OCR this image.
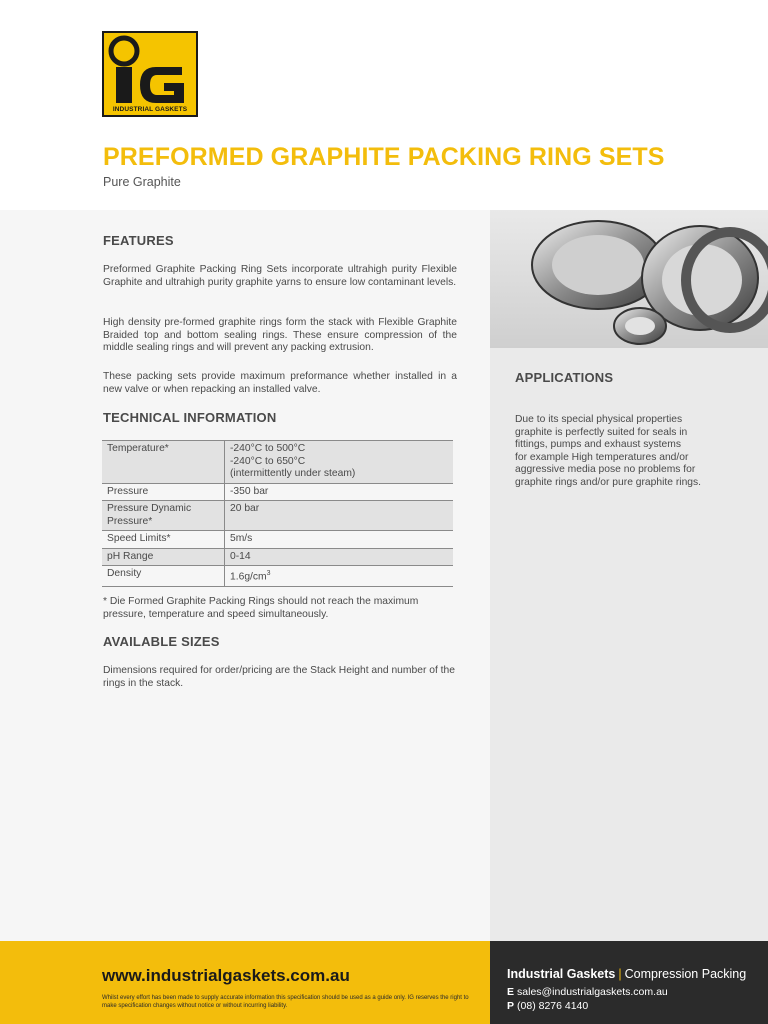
INDUSTRIAL GASKETS
PREFORMED GRAPHITE PACKING RING SETS

Pure Graphite

FEATURES

Preformed Graphite Packing Ring Sets incorporate ultrahigh purity Flexible Graphite and ultrahigh purity graphite yarns to ensure low contaminant levels.

High density pre-formed graphite rings form the stack with Flexible Graphite Braided top and bottom sealing rings. These ensure compression of the middle sealing rings and will prevent any packing extrusion.

These packing sets provide maximum preformance whether installed in a new valve or when repacking an installed valve.

TECHNICAL INFORMATION
Temperature*	-240°C to 500°C
-240°C to 650°C
(intermittently under steam)

Pressure	-350 bar
Pressure Dynamic Pressure*	20 bar
Speed Limits*	5m/s
pH Range	0-14
Density	$1.6g/cm^3$

* Die Formed Graphite Packing Rings should not reach the maximum pressure, temperature and speed simultaneously.

AVAILABLE SIZES

Dimensions required for order/pricing are the Stack Height and number of the rings in the stack.

APPLICATIONS
Due to its special physical properties
graphite is perfectly suited for seals in
fittings, pumps and exhaust systems
for example High temperatures and/or
aggressive media pose no problems for
graphite rings and/or pure graphite rings.

www.industrialgaskets.com.au

Whilst every effort has been made to supply accurate information this specification should be used as a guide only. IG reserves the right to make specification changes without notice or without incurring liability.

Industrial Gaskets | Compression Packing
E sales@industrialgaskets.com.au
P (08) 8276 4140
